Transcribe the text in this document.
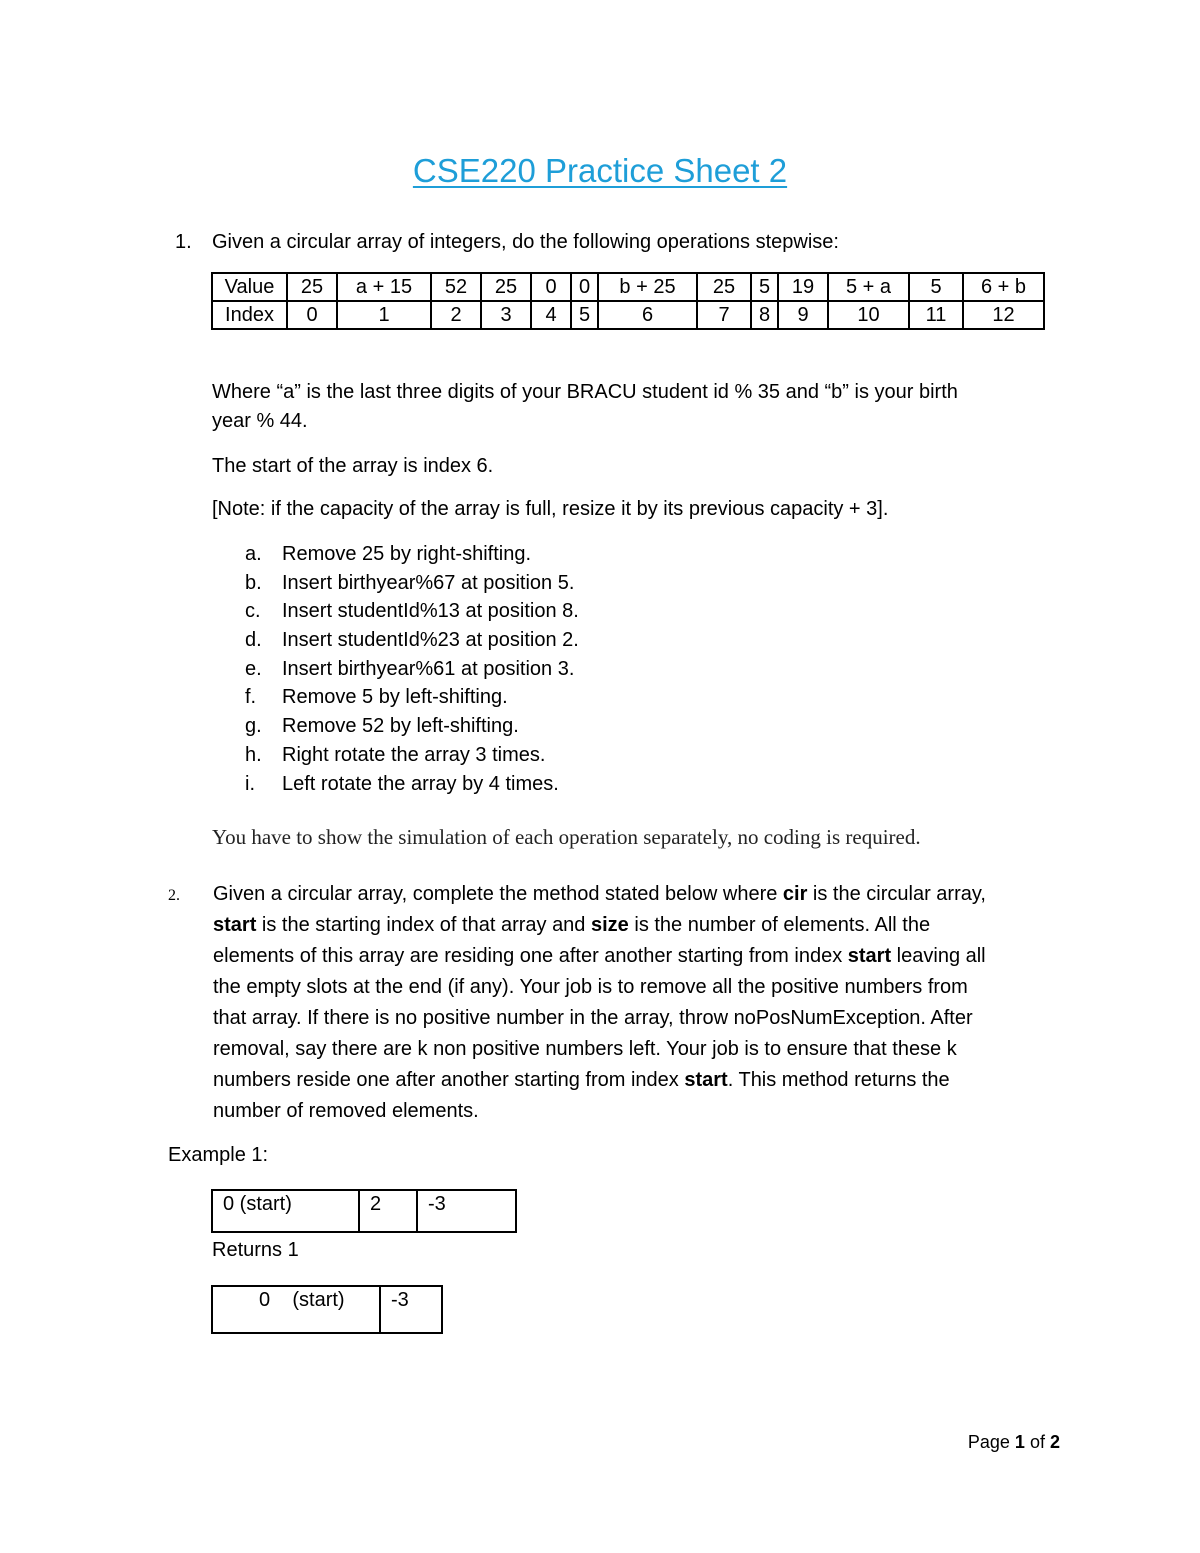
CSE220 Practice Sheet 2
1. Given a circular array of integers, do the following operations stepwise:
Value	25	a + 15	52	25	0	0	b + 25	25	5	19	5 + a	5	6 + b
Index	0	1	2	3	4	5	6	7	8	9	10	11	12
Where “a” is the last three digits of your BRACU student id % 35 and “b” is your birth
year % 44.
The start of the array is index 6.
[Note: if the capacity of the array is full, resize it by its previous capacity + 3].
a.	Remove 25 by right-shifting.
b.	Insert birthyear%67 at position 5.
c.	Insert studentId%13 at position 8.
d.	Insert studentId%23 at position 2.
e.	Insert birthyear%61 at position 3.
f.	Remove 5 by left-shifting.
g.	Remove 52 by left-shifting.
h.	Right rotate the array 3 times.
i.	Left rotate the array by 4 times.
You have to show the simulation of each operation separately, no coding is required.
2. Given a circular array, complete the method stated below where cir is the circular array,
start is the starting index of that array and size is the number of elements. All the
elements of this array are residing one after another starting from index start leaving all
the empty slots at the end (if any). Your job is to remove all the positive numbers from
that array. If there is no positive number in the array, throw noPosNumException. After
removal, say there are k non positive numbers left. Your job is to ensure that these k
numbers reside one after another starting from index start. This method returns the
number of removed elements.
Example 1:
0 (start)	2	-3
Returns 1
0    (start)	-3
Page 1 of 2
